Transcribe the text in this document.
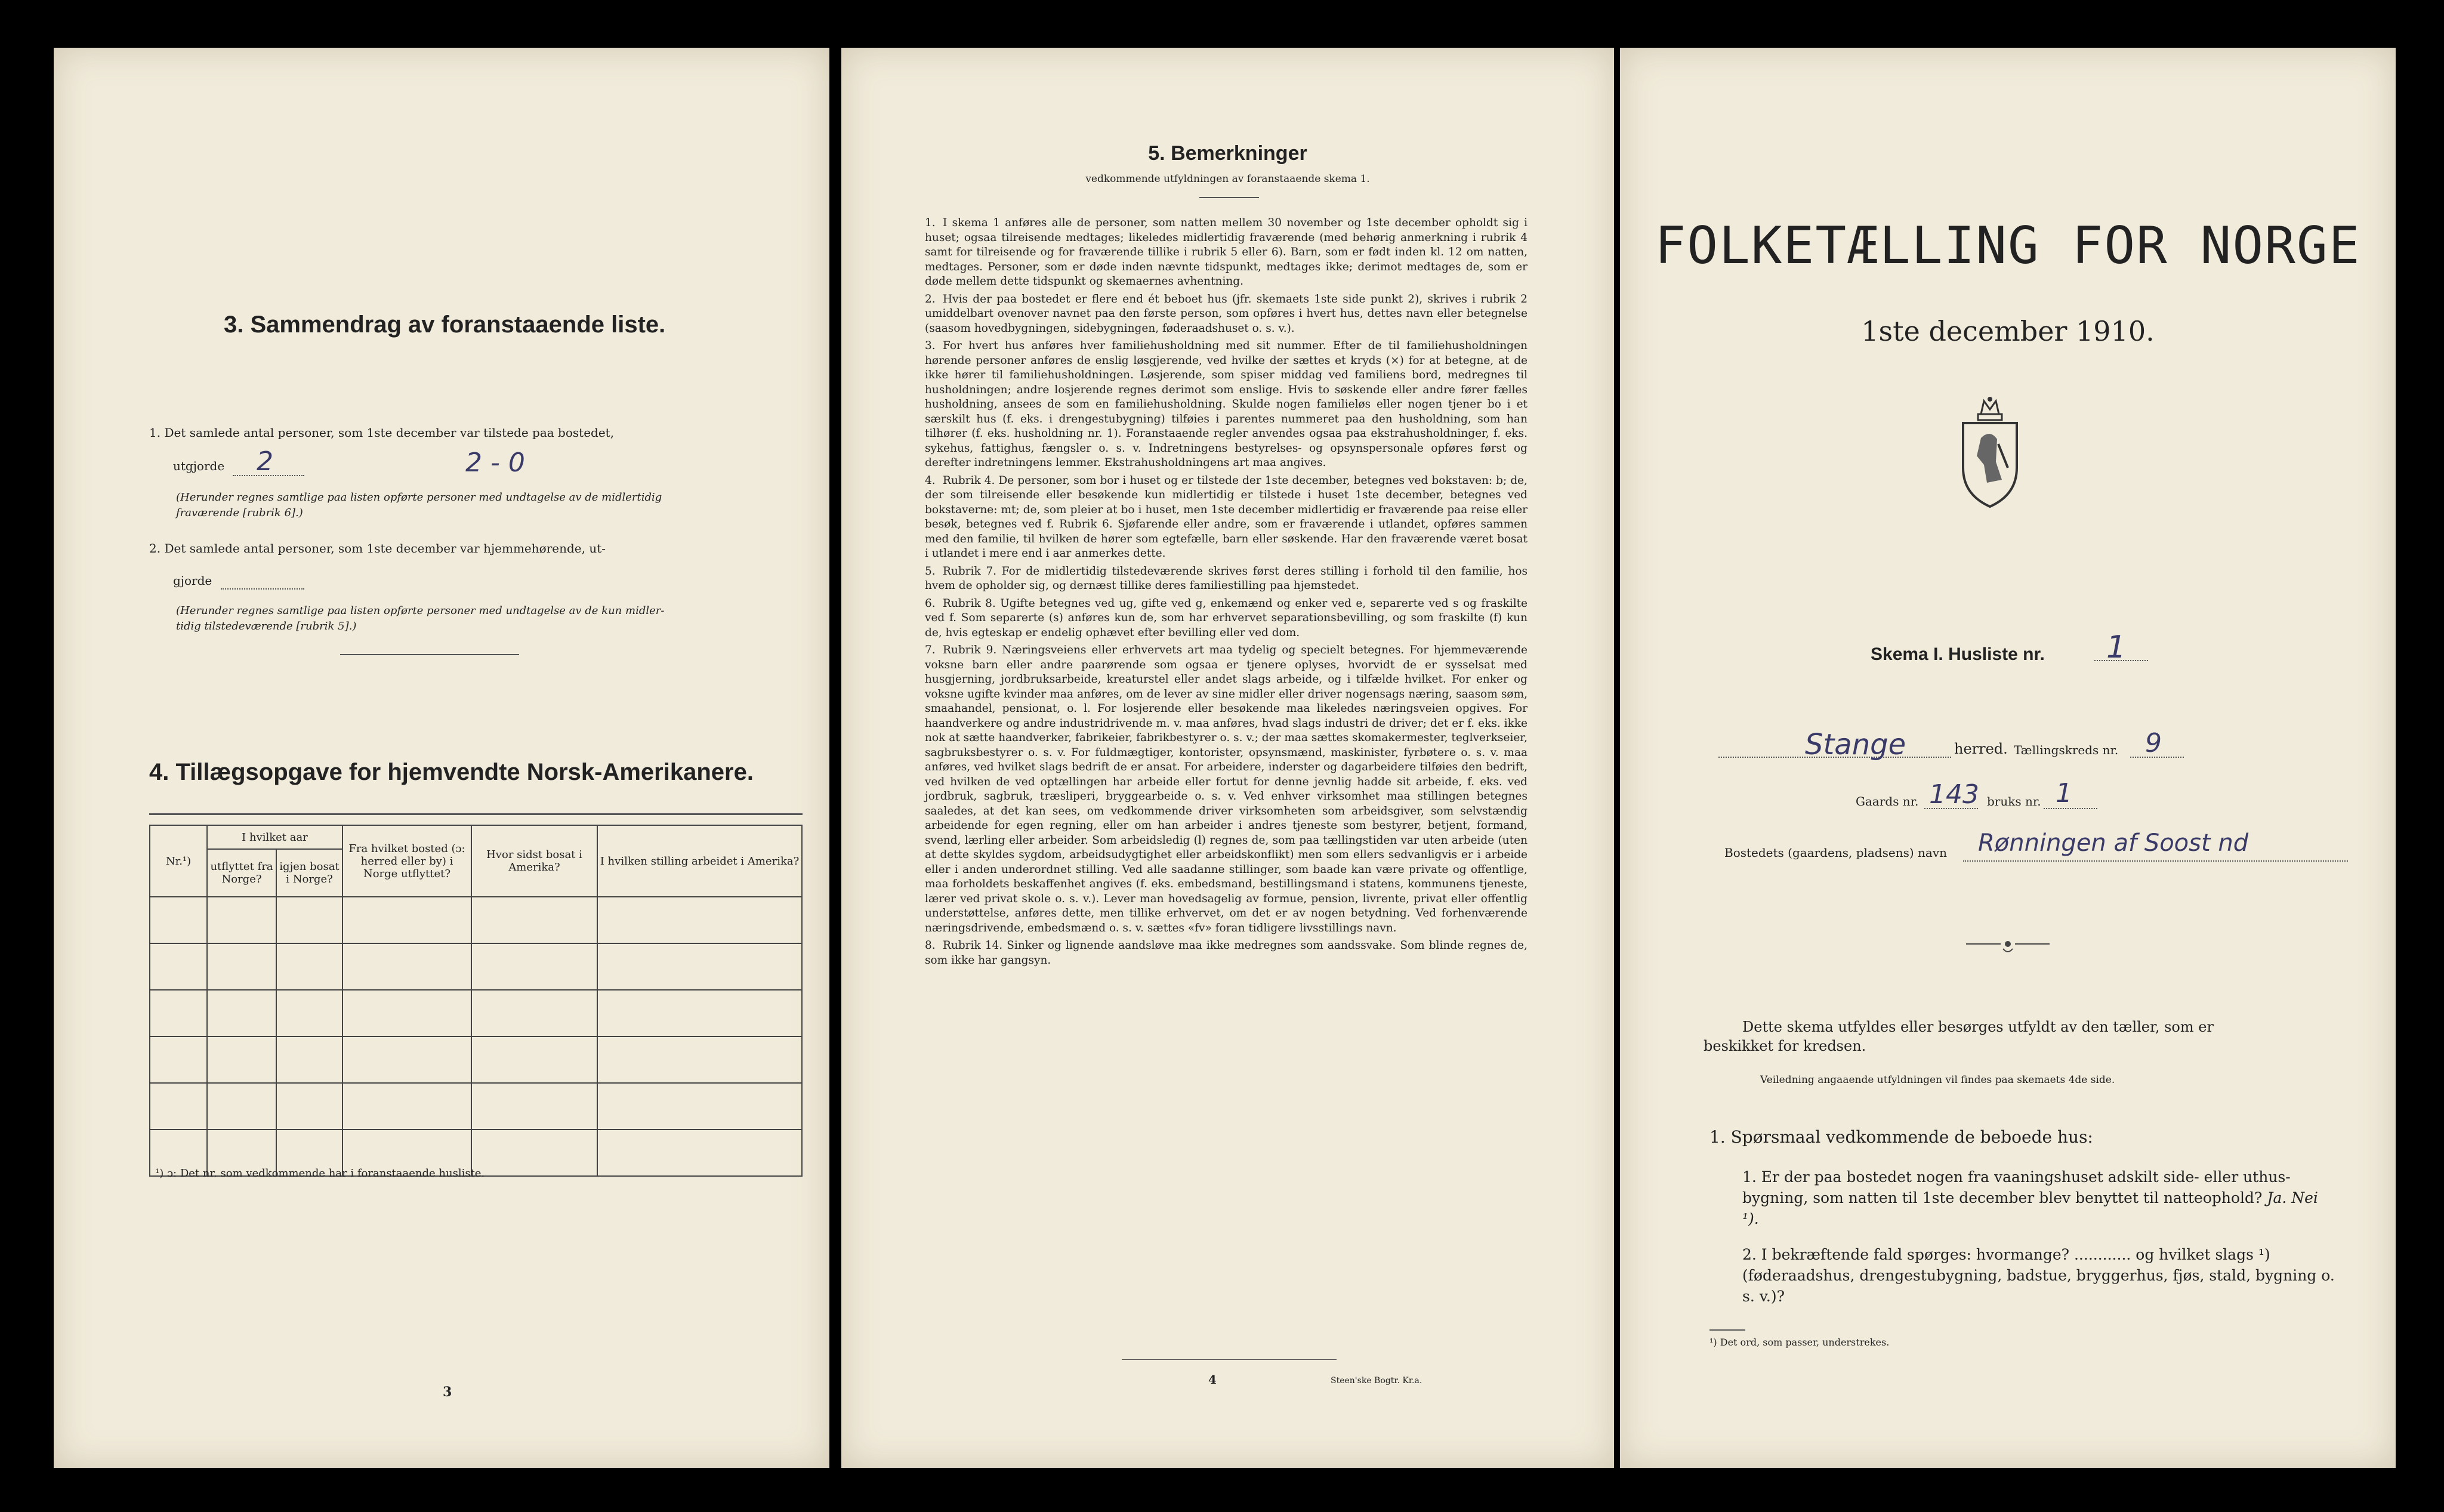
3. Sammendrag av foranstaaende liste.
1. Det samlede antal personer, som 1ste december var tilstede paa bostedet,
utgjorde 2	2 - 0
(Herunder regnes samtlige paa listen opførte personer med undtagelse av de midlertidig
fraværende [rubrik 6].)
2. Det samlede antal personer, som 1ste december var hjemmehørende, ut-
gjorde
(Herunder regnes samtlige paa listen opførte personer med undtagelse av de kun midler-
tidig tilstedeværende [rubrik 5].)
4. Tillægsopgave for hjemvendte Norsk-Amerikanere.
Nr.¹)	I hvilket aar		Fra hvilket bosted (ɔ: herred eller by) i Norge utflyttet?	Hvor sidst bosat i Amerika?	I hvilken stilling arbeidet i Amerika?
	utflyttet fra Norge?	igjen bosat i Norge?			

¹) ɔ: Det nr. som vedkommende har i foranstaaende husliste.
3
5. Bemerkninger
vedkommende utfyldningen av foranstaaende skema 1.

1. I skema 1 anføres alle de personer, som natten mellem 30 november og 1ste december opholdt sig i huset; ogsaa tilreisende medtages; likeledes midlertidig fraværende (med behørig anmerkning i rubrik 4 samt for tilreisende og for fraværende tillike i rubrik 5 eller 6). Barn, som er født inden kl. 12 om natten, medtages. Personer, som er døde inden nævnte tidspunkt, medtages ikke; derimot medtages de, som er døde mellem dette tidspunkt og skemaernes avhentning.

2. Hvis der paa bostedet er flere end ét beboet hus (jfr. skemaets 1ste side punkt 2), skrives i rubrik 2 umiddelbart ovenover navnet paa den første person, som opføres i hvert hus, dettes navn eller betegnelse (saasom hovedbygningen, sidebygningen, føderaadshuset o. s. v.).

3. For hvert hus anføres hver familiehusholdning med sit nummer. Efter de til familiehusholdningen hørende personer anføres de enslig løsgjerende, ved hvilke der sættes et kryds (×) for at betegne, at de ikke hører til familiehusholdningen. Løsjerende, som spiser middag ved familiens bord, medregnes til husholdningen; andre losjerende regnes derimot som enslige. Hvis to søskende eller andre fører fælles husholdning, ansees de som en familiehusholdning. Skulde nogen familieløs eller nogen tjener bo i et særskilt hus (f. eks. i drengestubygning) tilføies i parentes nummeret paa den husholdning, som han tilhører (f. eks. husholdning nr. 1). Foranstaaende regler anvendes ogsaa paa ekstrahusholdninger, f. eks. sykehus, fattighus, fængsler o. s. v. Indretningens bestyrelses- og opsynspersonale opføres først og derefter indretningens lemmer. Ekstrahusholdningens art maa angives.

4. Rubrik 4. De personer, som bor i huset og er tilstede der 1ste december, betegnes ved bokstaven: b; de, der som tilreisende eller besøkende kun midlertidig er tilstede i huset 1ste december, betegnes ved bokstaverne: mt; de, som pleier at bo i huset, men 1ste december midlertidig er fraværende paa reise eller besøk, betegnes ved f. Rubrik 6. Sjøfarende eller andre, som er fraværende i utlandet, opføres sammen med den familie, til hvilken de hører som egtefælle, barn eller søskende. Har den fraværende været bosat i utlandet i mere end i aar anmerkes dette.

5. Rubrik 7. For de midlertidig tilstedeværende skrives først deres stilling i forhold til den familie, hos hvem de opholder sig, og dernæst tillike deres familiestilling paa hjemstedet.

6. Rubrik 8. Ugifte betegnes ved ug, gifte ved g, enkemænd og enker ved e, separerte ved s og fraskilte ved f. Som separerte (s) anføres kun de, som har erhvervet separationsbevilling, og som fraskilte (f) kun de, hvis egteskap er endelig ophævet efter bevilling eller ved dom.

7. Rubrik 9. Næringsveiens eller erhvervets art maa tydelig og specielt betegnes. For hjemmeværende voksne barn eller andre paarørende som ogsaa er tjenere oplyses, hvorvidt de er sysselsat med husgjerning, jordbruksarbeide, kreaturstel eller andet slags arbeide, og i tilfælde hvilket. For enker og voksne ugifte kvinder maa anføres, om de lever av sine midler eller driver nogensags næring, saasom søm, smaahandel, pensionat, o. l. For losjerende eller besøkende maa likeledes næringsveien opgives. For haandverkere og andre industridrivende m. v. maa anføres, hvad slags industri de driver; det er f. eks. ikke nok at sætte haandverker, fabrikeier, fabrikbestyrer o. s. v.; der maa sættes skomakermester, teglverkseier, sagbruksbestyrer o. s. v. For fuldmægtiger, kontorister, opsynsmænd, maskinister, fyrbøtere o. s. v. maa anføres, ved hvilket slags bedrift de er ansat. For arbeidere, inderster og dagarbeidere tilføies den bedrift, ved hvilken de ved optællingen har arbeide eller fortut for denne jevnlig hadde sit arbeide, f. eks. ved jordbruk, sagbruk, træsliperi, bryggearbeide o. s. v. Ved enhver virksomhet maa stillingen betegnes saaledes, at det kan sees, om vedkommende driver virksomheten som arbeidsgiver, som selvstændig arbeidende for egen regning, eller om han arbeider i andres tjeneste som bestyrer, betjent, formand, svend, lærling eller arbeider. Som arbeidsledig (l) regnes de, som paa tællingstiden var uten arbeide (uten at dette skyldes sygdom, arbeidsudygtighet eller arbeidskonflikt) men som ellers sedvanligvis er i arbeide eller i anden underordnet stilling. Ved alle saadanne stillinger, som baade kan være private og offentlige, maa forholdets beskaffenhet angives (f. eks. embedsmand, bestillingsmand i statens, kommunens tjeneste, lærer ved privat skole o. s. v.). Lever man hovedsagelig av formue, pension, livrente, privat eller offentlig understøttelse, anføres dette, men tillike erhvervet, om det er av nogen betydning. Ved forhenværende næringsdrivende, embedsmænd o. s. v. sættes «fv» foran tidligere livsstillings navn.

8. Rubrik 14. Sinker og lignende aandsløve maa ikke medregnes som aandssvake. Som blinde regnes de, som ikke har gangsyn.

4	Steen'ske Bogtr. Kr.a.
FOLKETÆLLING FOR NORGE
1ste december 1910.
Skema I. Husliste nr. 1
Stange	herred. Tællingskreds nr. 9
Gaards nr. 143 bruks nr. 1
Bostedets (gaardens, pladsens) navn Rønningen af Soost nd
Dette skema utfyldes eller besørges utfyldt av den tæller, som er
beskikket for kredsen.
Veiledning angaaende utfyldningen vil findes paa skemaets 4de side.
1. Spørsmaal vedkommende de beboede hus:
1. Er der paa bostedet nogen fra vaaningshuset adskilt side- eller uthus-bygning, som natten til 1ste december blev benyttet til natteophold? Ja. Nei ¹).
2. I bekræftende fald spørges: hvormange? ............ og hvilket slags ¹) (føderaadshus, drengestubygning, badstue, bryggerhus, fjøs, stald, bygning o. s. v.)?
¹) Det ord, som passer, understrekes.
